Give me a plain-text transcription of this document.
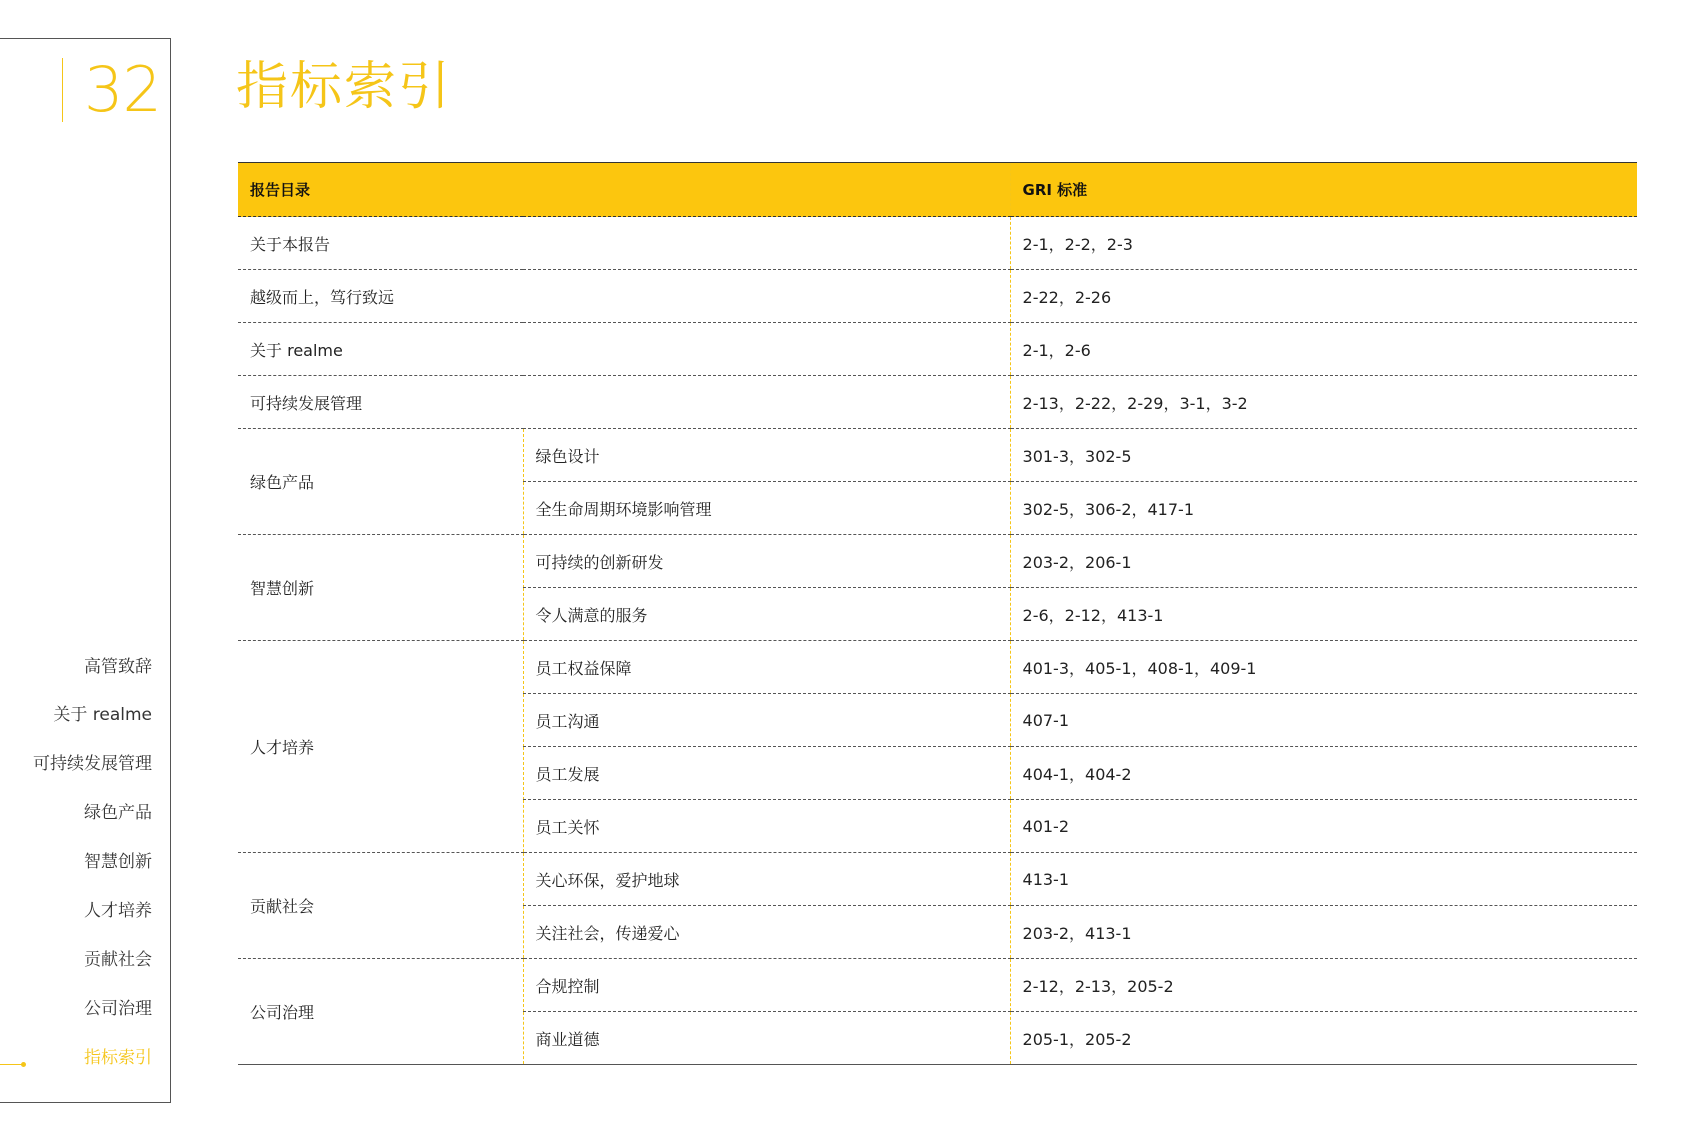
32
高管致辞
关于 realme
可持续发展管理
绿色产品
智慧创新
人才培养
贡献社会
公司治理
指标索引
指标索引
报告目录		GRI 标准
关于本报告		2-1，2-2，2-3
越级而上，笃行致远		2-22，2-26
关于 realme		2-1，2-6
可持续发展管理		2-13，2-22，2-29，3-1，3-2
绿色产品	绿色设计	301-3，302-5
	全生命周期环境影响管理	302-5，306-2，417-1
智慧创新	可持续的创新研发	203-2，206-1
	令人满意的服务	2-6，2-12，413-1
人才培养	员工权益保障	401-3，405-1，408-1，409-1
	员工沟通	407-1
	员工发展	404-1，404-2
	员工关怀	401-2
贡献社会	关心环保，爱护地球	413-1
	关注社会，传递爱心	203-2，413-1
公司治理	合规控制	2-12，2-13，205-2
	商业道德	205-1，205-2
